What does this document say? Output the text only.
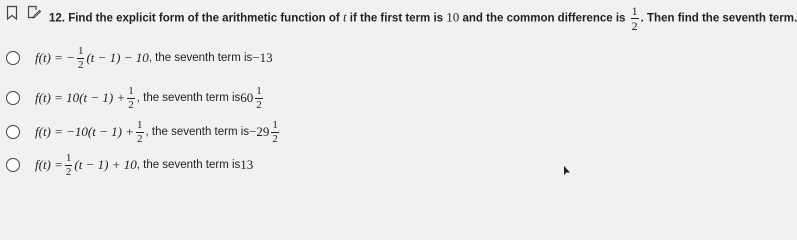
12. Find the explicit form of the arithmetic function of t if the first term is 10 and the common difference is $\frac{1}{2}$ . Then find the seventh term.
f(t) = − $\frac{1}{2} (t - 1) - 10$ , the seventh term is −13
$f(t) = 10(t - 1) + \frac{1}{2}$ , the seventh term is $60 \frac{1}{2}$
$f(t) = -10(t - 1) + \frac{1}{2}$ , the seventh term is $-29 \frac{1}{2}$
$f(t) = \frac{1}{2} (t - 1) + 10$ , the seventh term is 13
